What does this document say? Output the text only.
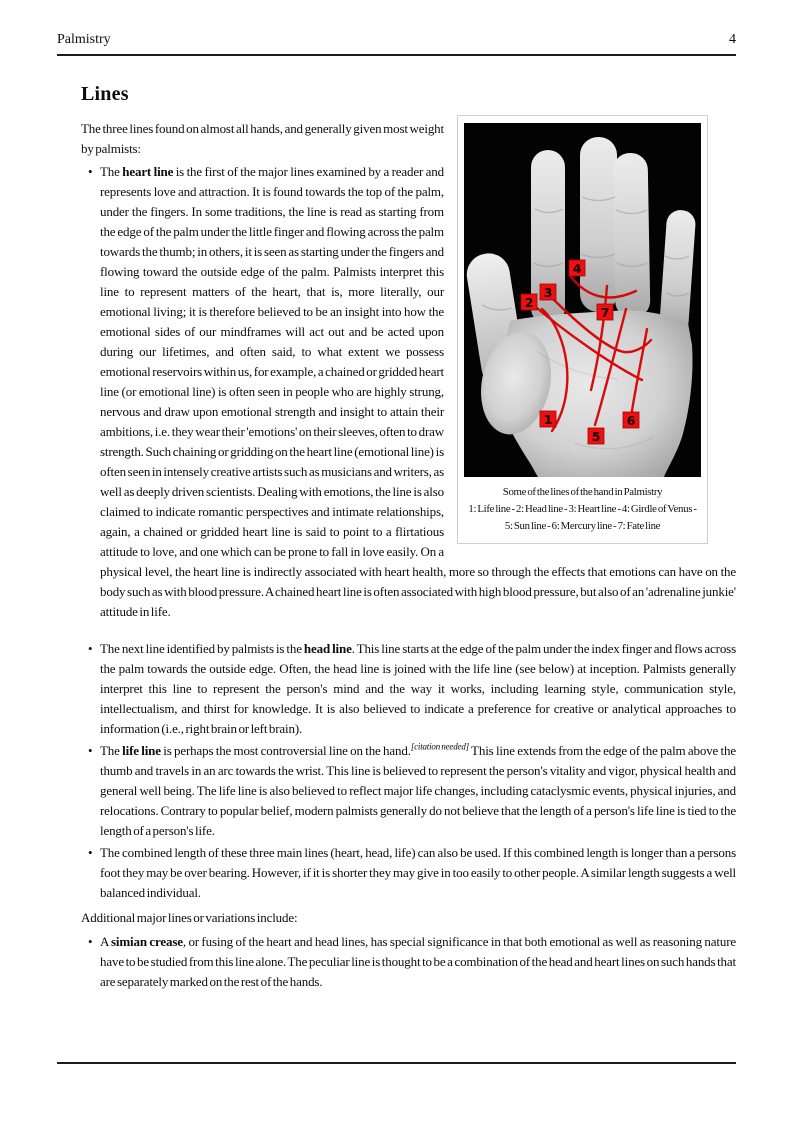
Palmistry	4
Lines
1
2
3
4
5
6
7
Some of the lines of the hand in Palmistry
1: Life line - 2: Head line - 3: Heart line - 4: Girdle of Venus - 5: Sun line - 6: Mercury line - 7: Fate line

The three lines found on almost all hands, and generally given most weight by palmists:

• The heart line is the first of the major lines examined by a reader and represents love and attraction. It is found towards the top of the palm, under the fingers. In some traditions, the line is read as starting from the edge of the palm under the little finger and flowing across the palm towards the thumb; in others, it is seen as starting under the fingers and flowing toward the outside edge of the palm. Palmists interpret this line to represent matters of the heart, that is, more literally, our emotional living; it is therefore believed to be an insight into how the emotional sides of our mindframes will act out and be acted upon during our lifetimes, and often said, to what extent we possess emotional reservoirs within us, for example, a chained or gridded heart line (or emotional line) is often seen in people who are highly strung, nervous and draw upon emotional strength and insight to attain their ambitions, i.e. they wear their 'emotions' on their sleeves, often to draw strength. Such chaining or gridding on the heart line (emotional line) is often seen in intensely creative artists such as musicians and writers, as well as deeply driven scientists. Dealing with emotions, the line is also claimed to indicate romantic perspectives and intimate relationships, again, a chained or gridded heart line is said to point to a flirtatious attitude to love, and one which can be prone to fall in love easily. On a physical level, the heart line is indirectly associated with heart health, more so through the effects that emotions can have on the body such as with blood pressure. A chained heart line is often associated with high blood pressure, but also of an 'adrenaline junkie' attitude in life.
• The next line identified by palmists is the head line. This line starts at the edge of the palm under the index finger and flows across the palm towards the outside edge. Often, the head line is joined with the life line (see below) at inception. Palmists generally interpret this line to represent the person's mind and the way it works, including learning style, communication style, intellectualism, and thirst for knowledge. It is also believed to indicate a preference for creative or analytical approaches to information (i.e., right brain or left brain).
• The life line is perhaps the most controversial line on the hand.[citation needed] This line extends from the edge of the palm above the thumb and travels in an arc towards the wrist. This line is believed to represent the person's vitality and vigor, physical health and general well being. The life line is also believed to reflect major life changes, including cataclysmic events, physical injuries, and relocations. Contrary to popular belief, modern palmists generally do not believe that the length of a person's life line is tied to the length of a person's life.
• The combined length of these three main lines (heart, head, life) can also be used. If this combined length is longer than a persons foot they may be over bearing. However, if it is shorter they may give in too easily to other people. A similar length suggests a well balanced individual.

Additional major lines or variations include:

• A simian crease, or fusing of the heart and head lines, has special significance in that both emotional as well as reasoning nature have to be studied from this line alone. The peculiar line is thought to be a combination of the head and heart lines on such hands that are separately marked on the rest of the hands.
